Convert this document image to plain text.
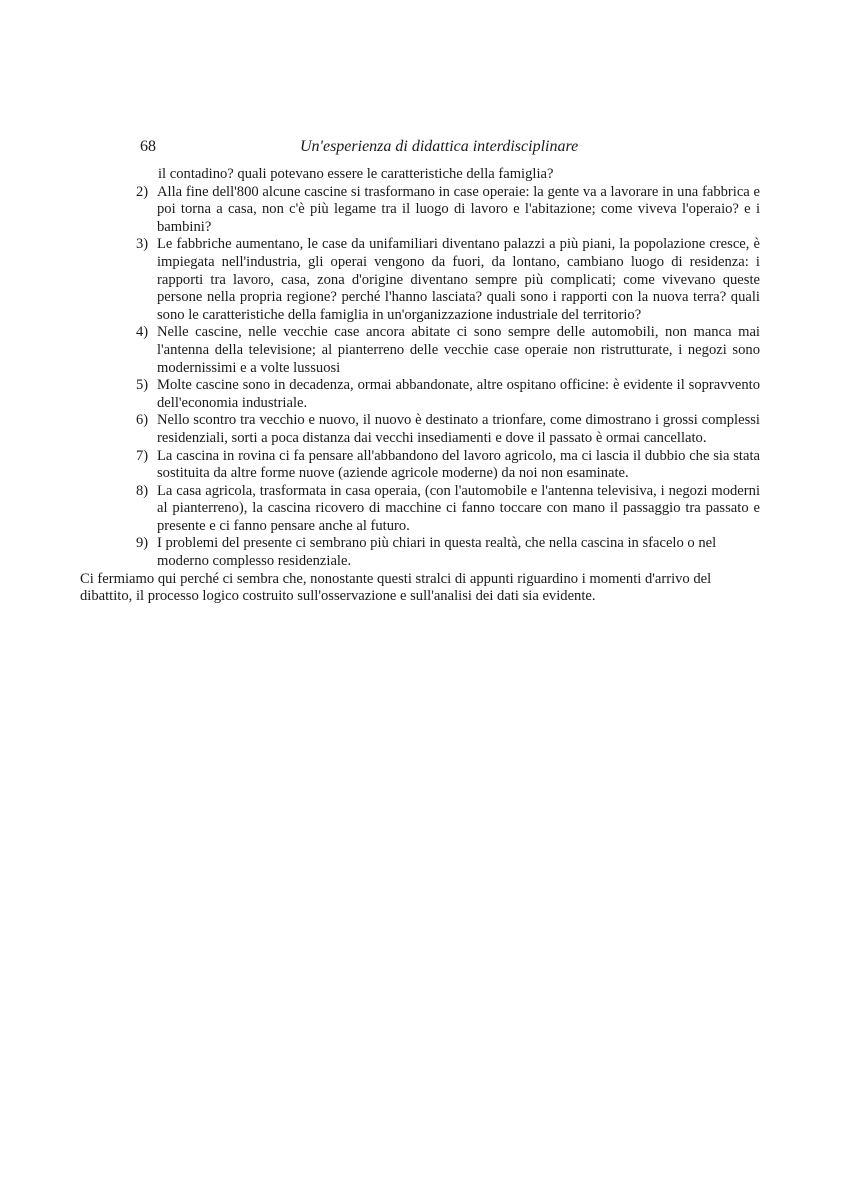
68	Un'esperienza di didattica interdisciplinare
il contadino? quali potevano essere le caratteristiche della famiglia?
2) Alla fine dell'800 alcune cascine si trasformano in case operaie: la gente va a lavorare in una fabbrica e poi torna a casa, non c'è più legame tra il luogo di lavoro e l'abitazione; come viveva l'operaio? e i bambini?
3) Le fabbriche aumentano, le case da unifamiliari diventano palazzi a più piani, la popolazione cresce, è impiegata nell'industria, gli operai vengono da fuori, da lontano, cambiano luogo di residenza: i rapporti tra lavoro, casa, zona d'origine diventano sempre più complicati; come vivevano queste persone nella propria regione? perché l'hanno lasciata? quali sono i rapporti con la nuova terra? quali sono le caratteristiche della famiglia in un'organizzazione industriale del territorio?
4) Nelle cascine, nelle vecchie case ancora abitate ci sono sempre delle automobili, non manca mai l'antenna della televisione; al pianterreno delle vecchie case operaie non ristrutturate, i negozi sono modernissimi e a volte lussuosi
5) Molte cascine sono in decadenza, ormai abbandonate, altre ospitano officine: è evidente il sopravvento dell'economia industriale.
6) Nello scontro tra vecchio e nuovo, il nuovo è destinato a trionfare, come dimostrano i grossi complessi residenziali, sorti a poca distanza dai vecchi insediamenti e dove il passato è ormai cancellato.
7) La cascina in rovina ci fa pensare all'abbandono del lavoro agricolo, ma ci lascia il dubbio che sia stata sostituita da altre forme nuove (aziende agricole moderne) da noi non esaminate.
8) La casa agricola, trasformata in casa operaia, (con l'automobile e l'antenna televisiva, i negozi moderni al pianterreno), la cascina ricovero di macchine ci fanno toccare con mano il passaggio tra passato e presente e ci fanno pensare anche al futuro.
9) I problemi del presente ci sembrano più chiari in questa realtà, che nella cascina in sfacelo o nel moderno complesso residenziale.

Ci fermiamo qui perché ci sembra che, nonostante questi stralci di appunti riguardino i momenti d'arrivo del dibattito, il processo logico costruito sull'osservazione e sull'analisi dei dati sia evidente.
